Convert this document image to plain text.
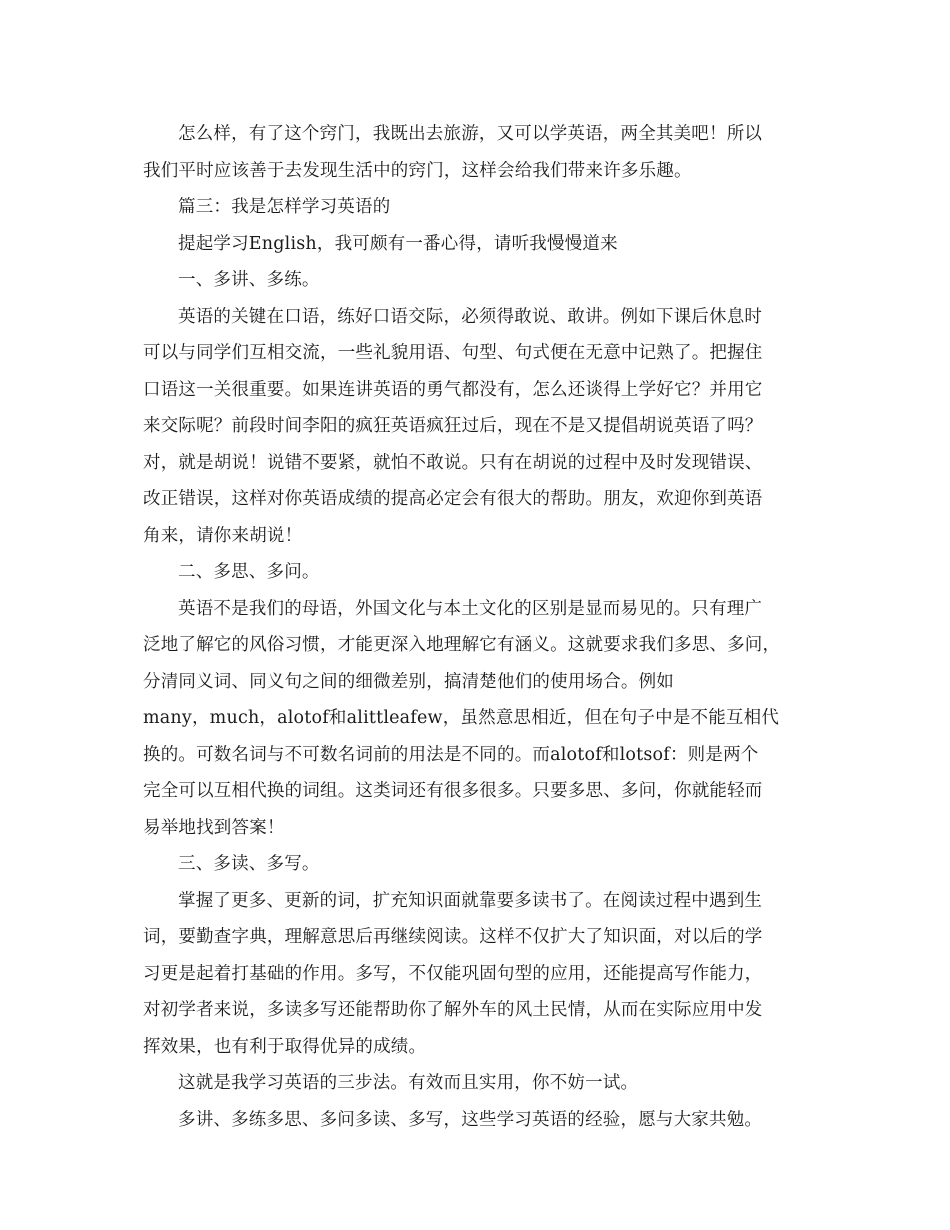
怎么样，有了这个窍门，我既出去旅游，又可以学英语，两全其美吧！所以
我们平时应该善于去发现生活中的窍门，这样会给我们带来许多乐趣。
篇三：我是怎样学习英语的
提起学习English，我可颇有一番心得，请听我慢慢道来
一、多讲、多练。
英语的关键在口语，练好口语交际，必须得敢说、敢讲。例如下课后休息时
可以与同学们互相交流，一些礼貌用语、句型、句式便在无意中记熟了。把握住
口语这一关很重要。如果连讲英语的勇气都没有，怎么还谈得上学好它？并用它
来交际呢？前段时间李阳的疯狂英语疯狂过后，现在不是又提倡胡说英语了吗？
对，就是胡说！说错不要紧，就怕不敢说。只有在胡说的过程中及时发现错误、
改正错误，这样对你英语成绩的提高必定会有很大的帮助。朋友，欢迎你到英语
角来，请你来胡说！
二、多思、多问。
英语不是我们的母语，外国文化与本土文化的区别是显而易见的。只有理广
泛地了解它的风俗习惯，才能更深入地理解它有涵义。这就要求我们多思、多问，
分清同义词、同义句之间的细微差别，搞清楚他们的使用场合。例如
many，much，alotof和alittleafew，虽然意思相近，但在句子中是不能互相代
换的。可数名词与不可数名词前的用法是不同的。而alotof和lotsof：则是两个
完全可以互相代换的词组。这类词还有很多很多。只要多思、多问，你就能轻而
易举地找到答案！
三、多读、多写。
掌握了更多、更新的词，扩充知识面就靠要多读书了。在阅读过程中遇到生
词，要勤查字典，理解意思后再继续阅读。这样不仅扩大了知识面，对以后的学
习更是起着打基础的作用。多写，不仅能巩固句型的应用，还能提高写作能力，
对初学者来说，多读多写还能帮助你了解外车的风土民情，从而在实际应用中发
挥效果，也有利于取得优异的成绩。
这就是我学习英语的三步法。有效而且实用，你不妨一试。
多讲、多练多思、多问多读、多写，这些学习英语的经验，愿与大家共勉。
